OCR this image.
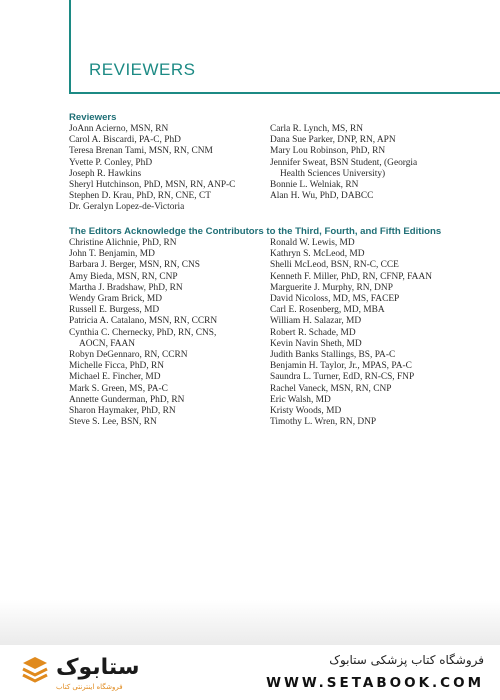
REVIEWERS
Reviewers
JoAnn Acierno, MSN, RN
Carol A. Biscardi, PA-C, PhD
Teresa Brenan Tami, MSN, RN, CNM
Yvette P. Conley, PhD
Joseph R. Hawkins
Sheryl Hutchinson, PhD, MSN, RN, ANP-C
Stephen D. Krau, PhD, RN, CNE, CT
Dr. Geralyn Lopez-de-Victoria
Carla R. Lynch, MS, RN
Dana Sue Parker, DNP, RN, APN
Mary Lou Robinson, PhD, RN
Jennifer Sweat, BSN Student, (Georgia
Health Sciences University)
Bonnie L. Welniak, RN
Alan H. Wu, PhD, DABCC
The Editors Acknowledge the Contributors to the Third, Fourth, and Fifth Editions
Christine Alichnie, PhD, RN
John T. Benjamin, MD
Barbara J. Berger, MSN, RN, CNS
Amy Bieda, MSN, RN, CNP
Martha J. Bradshaw, PhD, RN
Wendy Gram Brick, MD
Russell E. Burgess, MD
Patricia A. Catalano, MSN, RN, CCRN
Cynthia C. Chernecky, PhD, RN, CNS,
AOCN, FAAN
Robyn DeGennaro, RN, CCRN
Michelle Ficca, PhD, RN
Michael E. Fincher, MD
Mark S. Green, MS, PA-C
Annette Gunderman, PhD, RN
Sharon Haymaker, PhD, RN
Steve S. Lee, BSN, RN
Ronald W. Lewis, MD
Kathryn S. McLeod, MD
Shelli McLeod, BSN, RN-C, CCE
Kenneth F. Miller, PhD, RN, CFNP, FAAN
Marguerite J. Murphy, RN, DNP
David Nicoloss, MD, MS, FACEP
Carl E. Rosenberg, MD, MBA
William H. Salazar, MD
Robert R. Schade, MD
Kevin Navin Sheth, MD
Judith Banks Stallings, BS, PA-C
Benjamin H. Taylor, Jr., MPAS, PA-C
Saundra L. Turner, EdD, RN-CS, FNP
Rachel Vaneck, MSN, RN, CNP
Eric Walsh, MD
Kristy Woods, MD
Timothy L. Wren, RN, DNP
ستابوک
فروشگاه اینترنتی کتاب
فروشگاه کتاب پزشکی ستابوک
WWW.SETABOOK.COM
